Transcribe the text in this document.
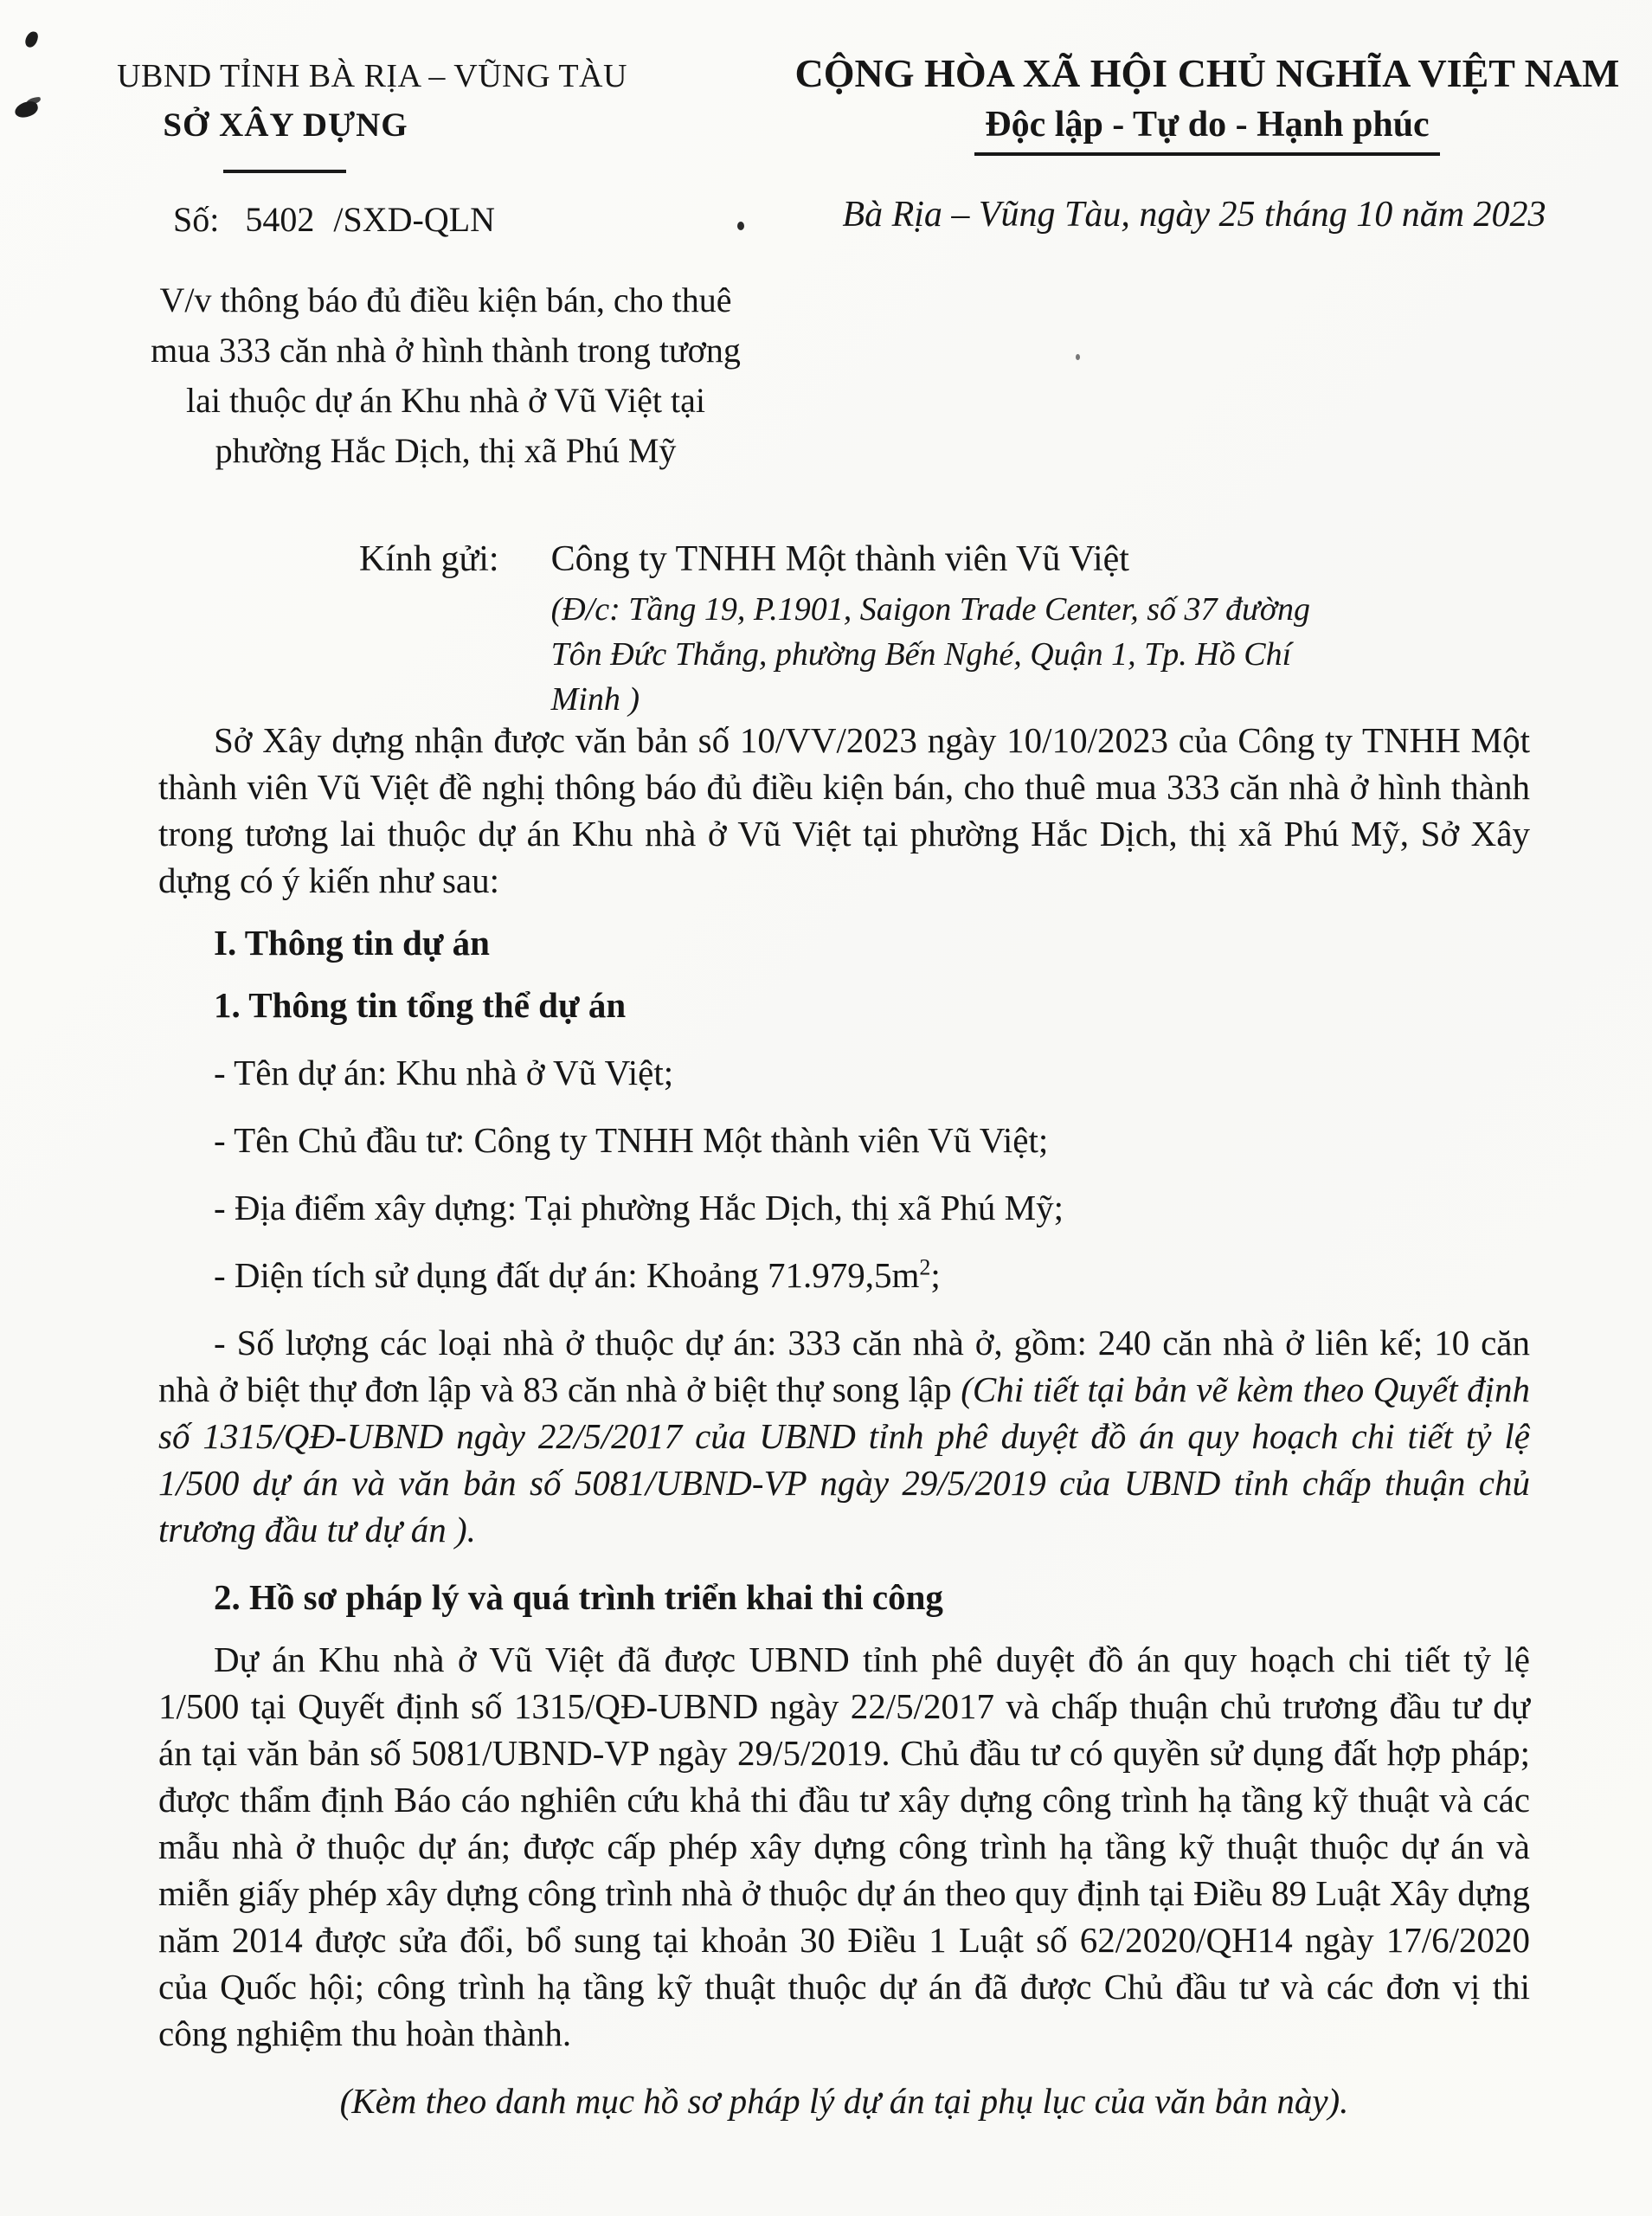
UBND TỈNH BÀ RỊA – VŨNG TÀU
SỞ XÂY DỰNG
Số: 5402 /SXD-QLN
CỘNG HÒA XÃ HỘI CHỦ NGHĨA VIỆT NAM
Độc lập - Tự do - Hạnh phúc
Bà Rịa – Vũng Tàu, ngày 25 tháng 10 năm 2023
V/v thông báo đủ điều kiện bán, cho thuê mua 333 căn nhà ở hình thành trong tương lai thuộc dự án Khu nhà ở Vũ Việt tại phường Hắc Dịch, thị xã Phú Mỹ
Kính gửi: Công ty TNHH Một thành viên Vũ Việt
(Đ/c: Tầng 19, P.1901, Saigon Trade Center, số 37 đường Tôn Đức Thắng, phường Bến Nghé, Quận 1, Tp. Hồ Chí Minh )

Sở Xây dựng nhận được văn bản số 10/VV/2023 ngày 10/10/2023 của Công ty TNHH Một thành viên Vũ Việt đề nghị thông báo đủ điều kiện bán, cho thuê mua 333 căn nhà ở hình thành trong tương lai thuộc dự án Khu nhà ở Vũ Việt tại phường Hắc Dịch, thị xã Phú Mỹ, Sở Xây dựng có ý kiến như sau:

I. Thông tin dự án

1. Thông tin tổng thể dự án

- Tên dự án: Khu nhà ở Vũ Việt;

- Tên Chủ đầu tư: Công ty TNHH Một thành viên Vũ Việt;

- Địa điểm xây dựng: Tại phường Hắc Dịch, thị xã Phú Mỹ;

- Diện tích sử dụng đất dự án: Khoảng $71.979,5m^2$;

- Số lượng các loại nhà ở thuộc dự án: 333 căn nhà ở, gồm: 240 căn nhà ở liên kế; 10 căn nhà ở biệt thự đơn lập và 83 căn nhà ở biệt thự song lập (Chi tiết tại bản vẽ kèm theo Quyết định số 1315/QĐ-UBND ngày 22/5/2017 của UBND tỉnh phê duyệt đồ án quy hoạch chi tiết tỷ lệ 1/500 dự án và văn bản số 5081/UBND-VP ngày 29/5/2019 của UBND tỉnh chấp thuận chủ trương đầu tư dự án ).

2. Hồ sơ pháp lý và quá trình triển khai thi công

Dự án Khu nhà ở Vũ Việt đã được UBND tỉnh phê duyệt đồ án quy hoạch chi tiết tỷ lệ 1/500 tại Quyết định số 1315/QĐ-UBND ngày 22/5/2017 và chấp thuận chủ trương đầu tư dự án tại văn bản số 5081/UBND-VP ngày 29/5/2019. Chủ đầu tư có quyền sử dụng đất hợp pháp; được thẩm định Báo cáo nghiên cứu khả thi đầu tư xây dựng công trình hạ tầng kỹ thuật và các mẫu nhà ở thuộc dự án; được cấp phép xây dựng công trình hạ tầng kỹ thuật thuộc dự án và miễn giấy phép xây dựng công trình nhà ở thuộc dự án theo quy định tại Điều 89 Luật Xây dựng năm 2014 được sửa đổi, bổ sung tại khoản 30 Điều 1 Luật số 62/2020/QH14 ngày 17/6/2020 của Quốc hội; công trình hạ tầng kỹ thuật thuộc dự án đã được Chủ đầu tư và các đơn vị thi công nghiệm thu hoàn thành.

(Kèm theo danh mục hồ sơ pháp lý dự án tại phụ lục của văn bản này).
